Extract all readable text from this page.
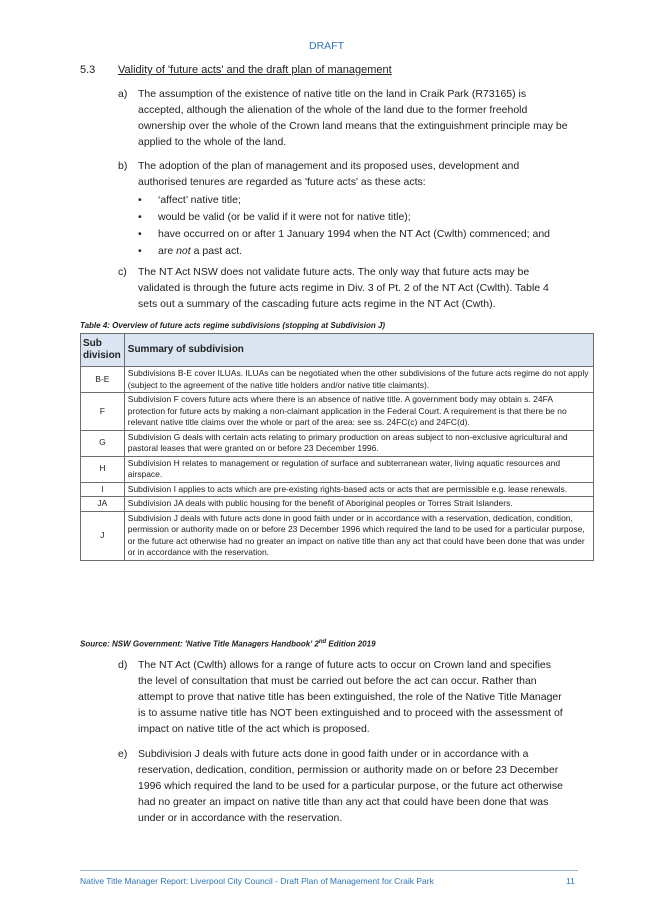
DRAFT
5.3 Validity of 'future acts' and the draft plan of management
a) The assumption of the existence of native title on the land in Craik Park (R73165) is accepted, although the alienation of the whole of the land due to the former freehold ownership over the whole of the Crown land means that the extinguishment principle may be applied to the whole of the land.
b) The adoption of the plan of management and its proposed uses, development and authorised tenures are regarded as 'future acts' as these acts:
• ‘affect’ native title;
• would be valid (or be valid if it were not for native title);
• have occurred on or after 1 January 1994 when the NT Act (Cwlth) commenced; and
• are not a past act.
c) The NT Act NSW does not validate future acts. The only way that future acts may be validated is through the future acts regime in Div. 3 of Pt. 2 of the NT Act (Cwlth). Table 4 sets out a summary of the cascading future acts regime in the NT Act (Cwth).
Table 4: Overview of future acts regime subdivisions (stopping at Subdivision J)
Sub division	Summary of subdivision
B-E	Subdivisions B-E cover ILUAs. ILUAs can be negotiated when the other subdivisions of the future acts regime do not apply (subject to the agreement of the native title holders and/or native title claimants).
F	Subdivision F covers future acts where there is an absence of native title. A government body may obtain s. 24FA protection for future acts by making a non-claimant application in the Federal Court. A requirement is that there be no relevant native title claims over the whole or part of the area: see ss. 24FC(c) and 24FC(d).
G	Subdivision G deals with certain acts relating to primary production on areas subject to non-exclusive agricultural and pastoral leases that were granted on or before 23 December 1996.
H	Subdivision H relates to management or regulation of surface and subterranean water, living aquatic resources and airspace.
I	Subdivision I applies to acts which are pre-existing rights-based acts or acts that are permissible e.g. lease renewals.
JA	Subdivision JA deals with public housing for the benefit of Aboriginal peoples or Torres Strait Islanders.
J	Subdivision J deals with future acts done in good faith under or in accordance with a reservation, dedication, condition, permission or authority made on or before 23 December 1996 which required the land to be used for a particular purpose, or the future act otherwise had no greater an impact on native title than any act that could have been done that was under or in accordance with the reservation.
Source: NSW Government: 'Native Title Managers Handbook' 2nd Edition 2019
d) The NT Act (Cwlth) allows for a range of future acts to occur on Crown land and specifies the level of consultation that must be carried out before the act can occur. Rather than attempt to prove that native title has been extinguished, the role of the Native Title Manager is to assume native title has NOT been extinguished and to proceed with the assessment of impact on native title of the act which is proposed.
e) Subdivision J deals with future acts done in good faith under or in accordance with a reservation, dedication, condition, permission or authority made on or before 23 December 1996 which required the land to be used for a particular purpose, or the future act otherwise had no greater an impact on native title than any act that could have been done that was under or in accordance with the reservation.
Native Title Manager Report: Liverpool City Council - Draft Plan of Management for Craik Park	11
